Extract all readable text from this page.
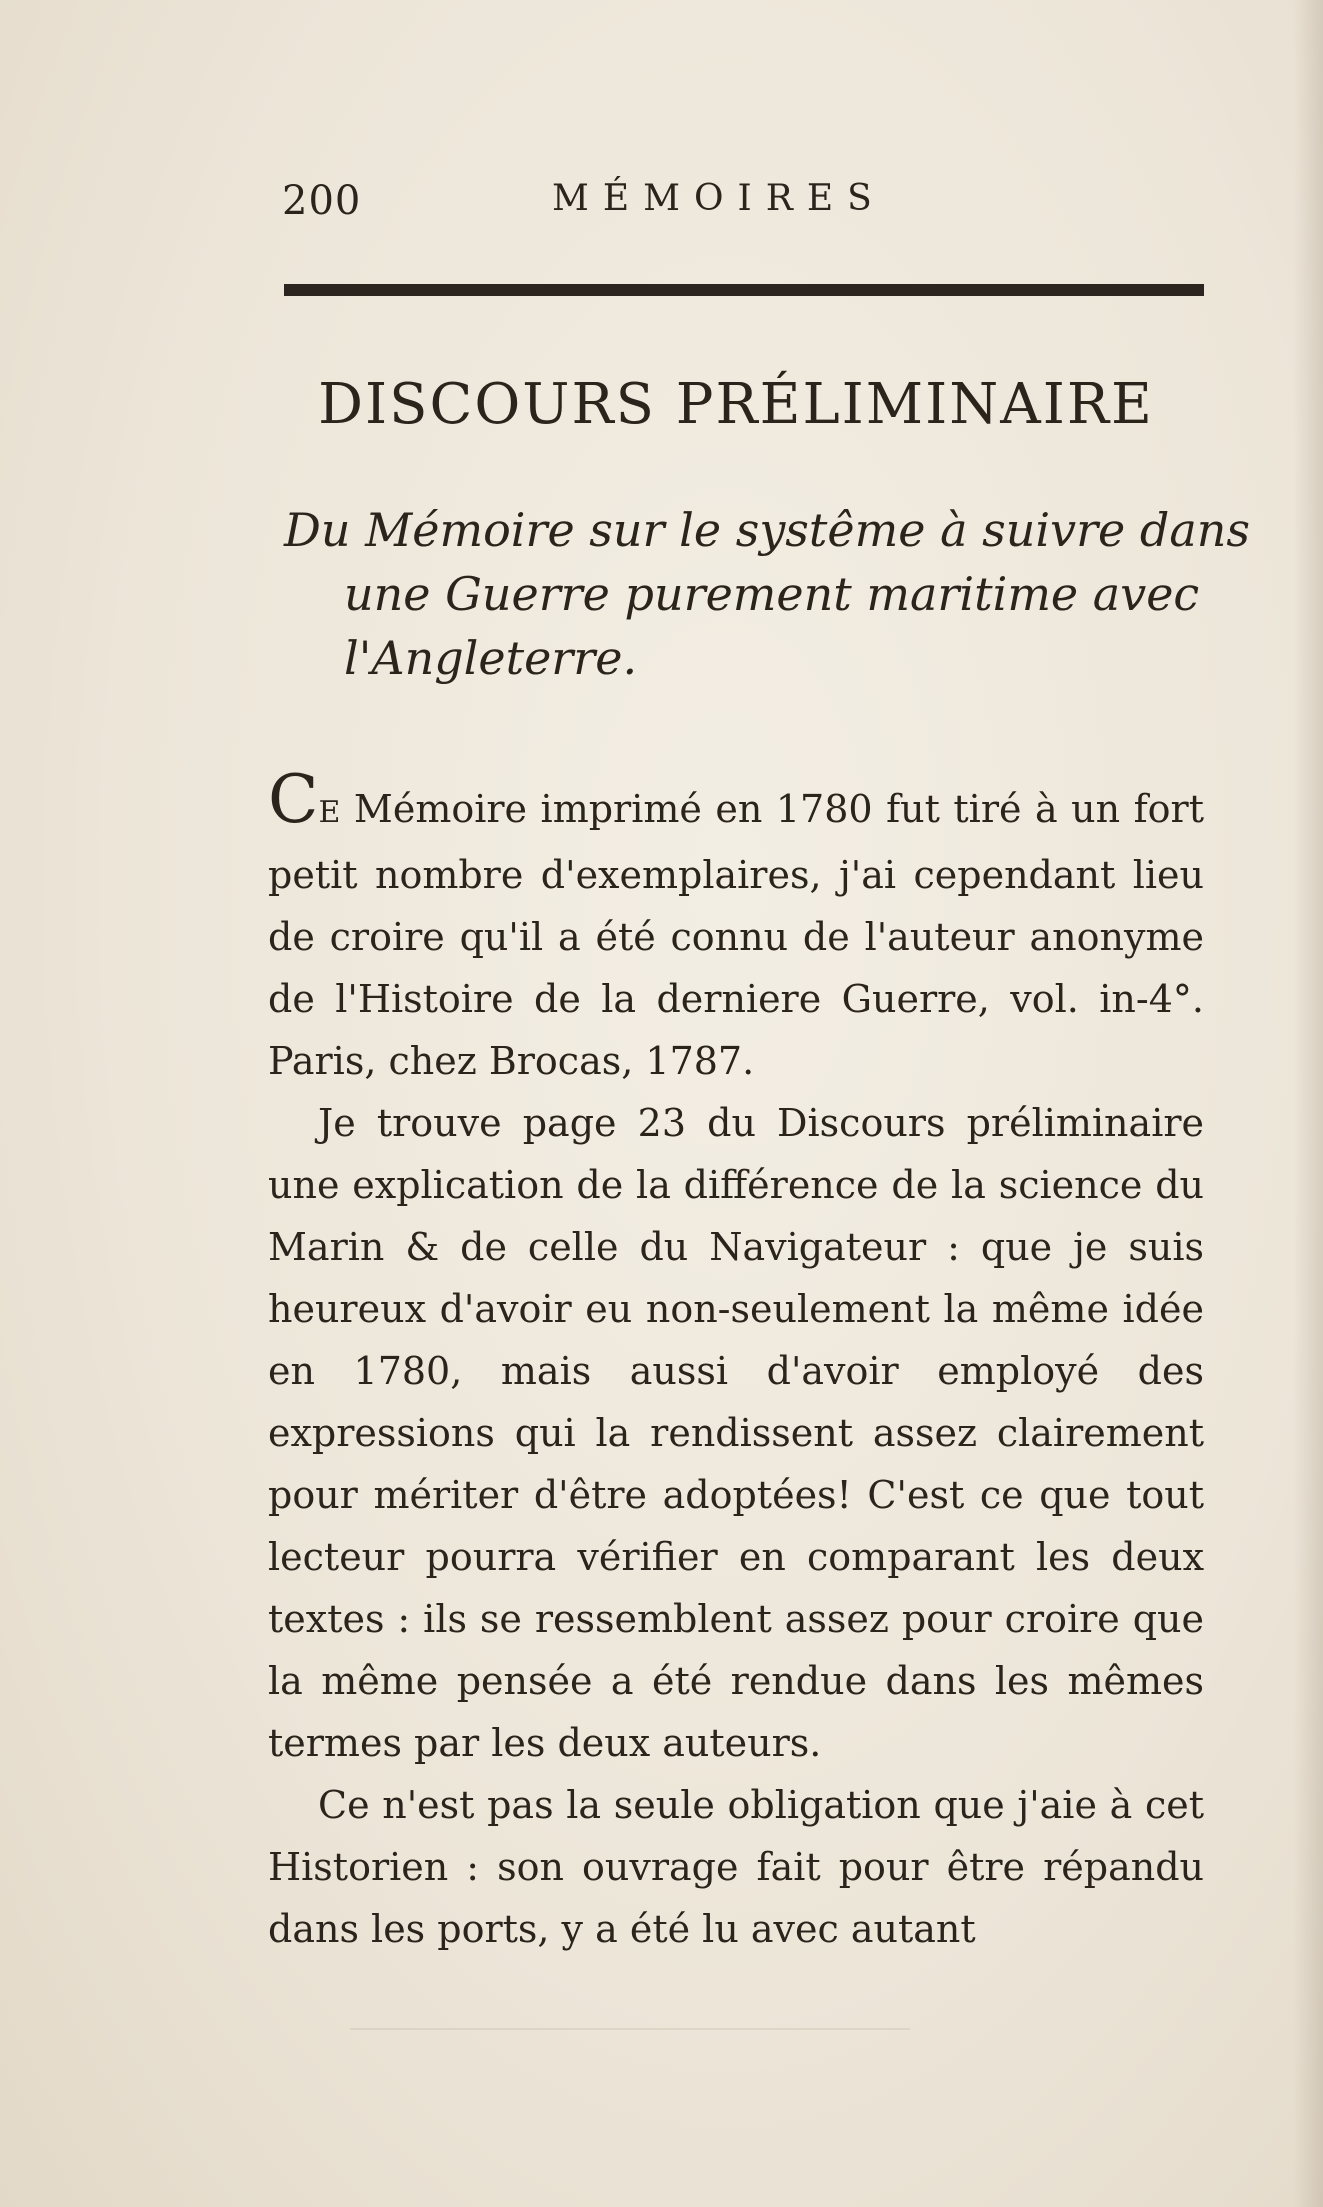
200	MÉMOIRES
DISCOURS PRÉLIMINAIRE
Du Mémoire sur le systême à suivre dans une Guerre purement maritime avec l'Angleterre.

CE Mémoire imprimé en 1780 fut tiré à un fort petit nombre d'exemplaires, j'ai cependant lieu de croire qu'il a été connu de l'auteur anonyme de l'Histoire de la derniere Guerre, vol. in-4°. Paris, chez Brocas, 1787.

Je trouve page 23 du Discours préliminaire une explication de la différence de la science du Marin & de celle du Navigateur : que je suis heureux d'avoir eu non-seulement la même idée en 1780, mais aussi d'avoir employé des expressions qui la rendissent assez clairement pour mériter d'être adoptées! C'est ce que tout lecteur pourra vérifier en comparant les deux textes : ils se ressemblent assez pour croire que la même pensée a été rendue dans les mêmes termes par les deux auteurs.

Ce n'est pas la seule obligation que j'aie à cet Historien : son ouvrage fait pour être répandu dans les ports, y a été lu avec autant
